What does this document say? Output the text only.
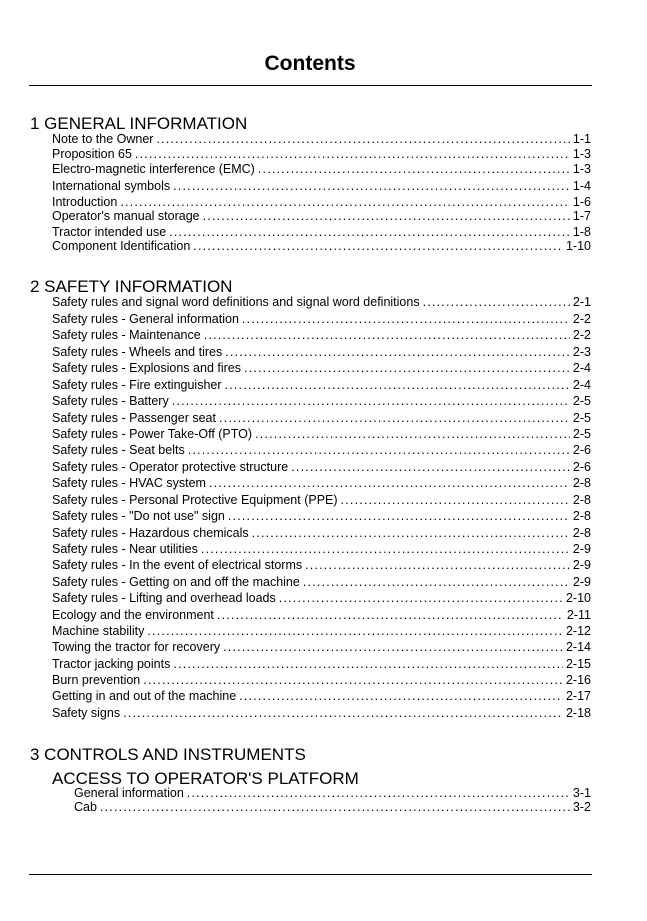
Contents
1 GENERAL INFORMATION
Note to the Owner .....	1-1
Proposition 65 .....	1-3
Electro-magnetic interference (EMC) .....	1-3
International symbols .....	1-4
Introduction .....	1-6
Operator's manual storage .....	1-7
Tractor intended use .....	1-8
Component Identification .....	1-10
2 SAFETY INFORMATION
Safety rules and signal word definitions and signal word definitions .....	2-1
Safety rules - General information .....	2-2
Safety rules - Maintenance .....	2-2
Safety rules - Wheels and tires .....	2-3
Safety rules - Explosions and fires .....	2-4
Safety rules - Fire extinguisher .....	2-4
Safety rules - Battery .....	2-5
Safety rules - Passenger seat .....	2-5
Safety rules - Power Take-Off (PTO) .....	2-5
Safety rules - Seat belts .....	2-6
Safety rules - Operator protective structure .....	2-6
Safety rules - HVAC system .....	2-8
Safety rules - Personal Protective Equipment (PPE) .....	2-8
Safety rules - "Do not use" sign .....	2-8
Safety rules - Hazardous chemicals .....	2-8
Safety rules - Near utilities .....	2-9
Safety rules - In the event of electrical storms .....	2-9
Safety rules - Getting on and off the machine .....	2-9
Safety rules - Lifting and overhead loads .....	2-10
Ecology and the environment .....	2-11
Machine stability .....	2-12
Towing the tractor for recovery .....	2-14
Tractor jacking points .....	2-15
Burn prevention .....	2-16
Getting in and out of the machine .....	2-17
Safety signs .....	2-18
3 CONTROLS AND INSTRUMENTS
ACCESS TO OPERATOR'S PLATFORM
General information .....	3-1
Cab .....	3-2
